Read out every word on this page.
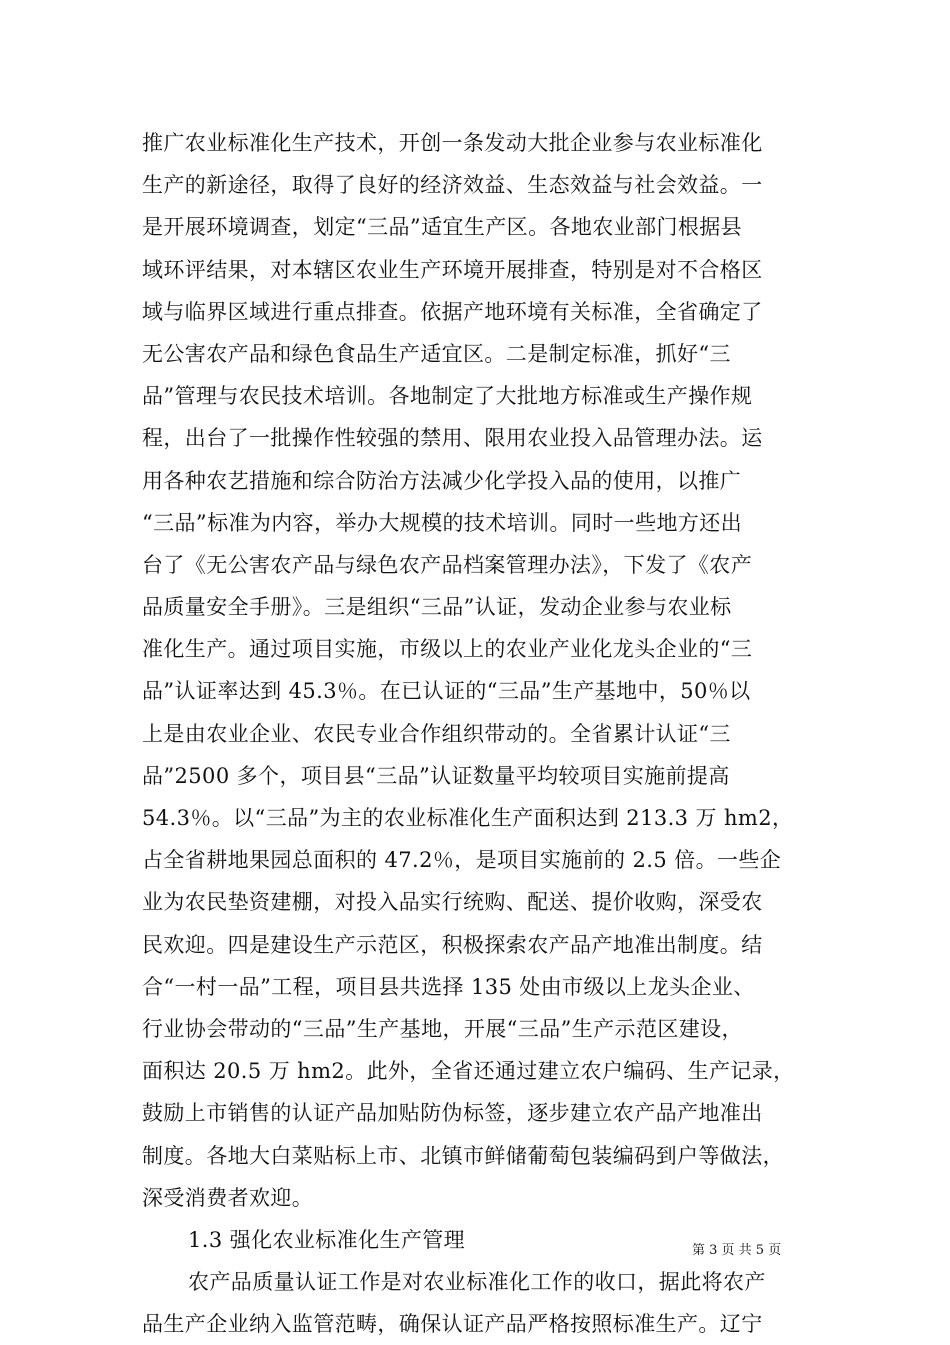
推广农业标准化生产技术，开创一条发动大批企业参与农业标准化
生产的新途径，取得了良好的经济效益、生态效益与社会效益。一
是开展环境调查，划定“三品”适宜生产区。各地农业部门根据县
域环评结果，对本辖区农业生产环境开展排查，特别是对不合格区
域与临界区域进行重点排查。依据产地环境有关标准，全省确定了
无公害农产品和绿色食品生产适宜区。二是制定标准，抓好“三
品”管理与农民技术培训。各地制定了大批地方标准或生产操作规
程，出台了一批操作性较强的禁用、限用农业投入品管理办法。运
用各种农艺措施和综合防治方法减少化学投入品的使用，以推广
“三品”标准为内容，举办大规模的技术培训。同时一些地方还出
台了《无公害农产品与绿色农产品档案管理办法》，下发了《农产
品质量安全手册》。三是组织“三品”认证，发动企业参与农业标
准化生产。通过项目实施，市级以上的农业产业化龙头企业的“三
品”认证率达到 45.3％。在已认证的“三品”生产基地中，50％以
上是由农业企业、农民专业合作组织带动的。全省累计认证“三
品”2500 多个，项目县“三品”认证数量平均较项目实施前提高
54.3％。以“三品”为主的农业标准化生产面积达到 213.3 万 hm2，
占全省耕地果园总面积的 47.2％，是项目实施前的 2.5 倍。一些企
业为农民垫资建棚，对投入品实行统购、配送、提价收购，深受农
民欢迎。四是建设生产示范区，积极探索农产品产地准出制度。结
合“一村一品”工程，项目县共选择 135 处由市级以上龙头企业、
行业协会带动的“三品”生产基地，开展“三品”生产示范区建设，
面积达 20.5 万 hm2。此外，全省还通过建立农户编码、生产记录，
鼓励上市销售的认证产品加贴防伪标签，逐步建立农产品产地准出
制度。各地大白菜贴标上市、北镇市鲜储葡萄包装编码到户等做法，
深受消费者欢迎。
1.3 强化农业标准化生产管理
农产品质量认证工作是对农业标准化工作的收口，据此将农产
品生产企业纳入监管范畴，确保认证产品严格按照标准生产。辽宁
第 3 页 共 5 页
